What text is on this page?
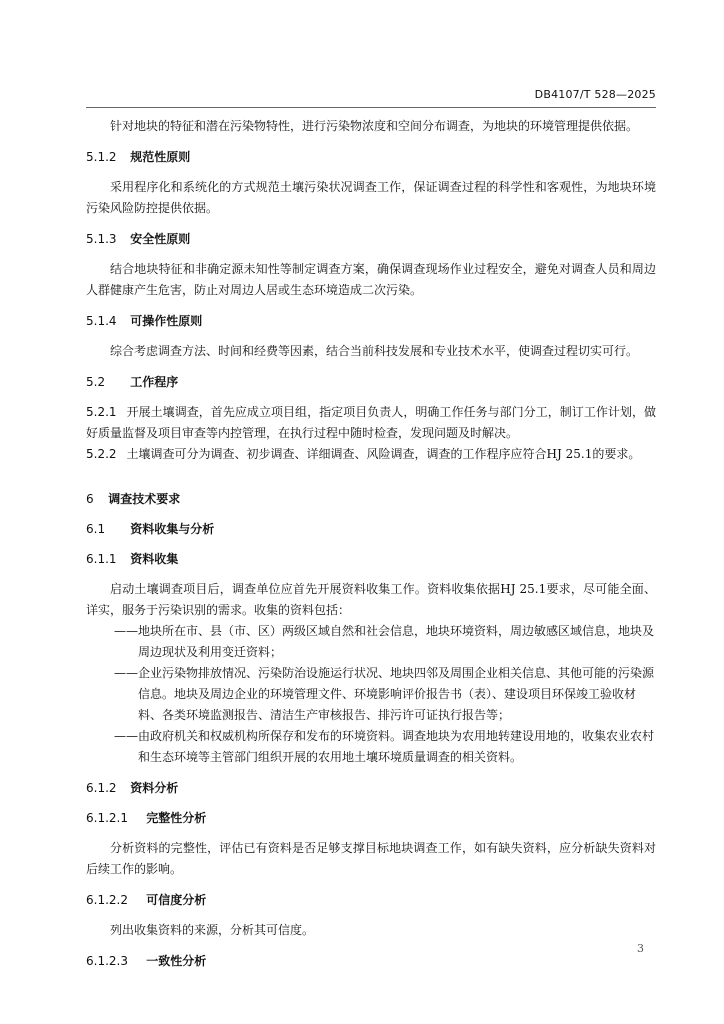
DB4107/T 528—2025

针对地块的特征和潜在污染物特性，进行污染物浓度和空间分布调查，为地块的环境管理提供依据。

5.1.2 规范性原则

采用程序化和系统化的方式规范土壤污染状况调查工作，保证调查过程的科学性和客观性，为地块环境污染风险防控提供依据。

5.1.3 安全性原则

结合地块特征和非确定源未知性等制定调查方案，确保调查现场作业过程安全，避免对调查人员和周边人群健康产生危害，防止对周边人居或生态环境造成二次污染。

5.1.4 可操作性原则

综合考虑调查方法、时间和经费等因素，结合当前科技发展和专业技术水平，使调查过程切实可行。

5.2 工作程序

5.2.1 开展土壤调查，首先应成立项目组，指定项目负责人，明确工作任务与部门分工，制订工作计划，做好质量监督及项目审查等内控管理，在执行过程中随时检查，发现问题及时解决。

5.2.2 土壤调查可分为调查、初步调查、详细调查、风险调查，调查的工作程序应符合HJ 25.1的要求。

6 调查技术要求
6.1 资料收集与分析
6.1.1 资料收集

启动土壤调查项目后，调查单位应首先开展资料收集工作。资料收集依据HJ 25.1要求，尽可能全面、详实，服务于污染识别的需求。收集的资料包括：

——地块所在市、县（市、区）两级区域自然和社会信息，地块环境资料，周边敏感区域信息，地块及周边现状及利用变迁资料；
——企业污染物排放情况、污染防治设施运行状况、地块四邻及周围企业相关信息、其他可能的污染源信息。地块及周边企业的环境管理文件、环境影响评价报告书（表）、建设项目环保竣工验收材料、各类环境监测报告、清洁生产审核报告、排污许可证执行报告等；
——由政府机关和权威机构所保存和发布的环境资料。调查地块为农用地转建设用地的，收集农业农村和生态环境等主管部门组织开展的农用地土壤环境质量调查的相关资料。
6.1.2 资料分析
6.1.2.1 完整性分析

分析资料的完整性，评估已有资料是否足够支撑目标地块调查工作，如有缺失资料，应分析缺失资料对后续工作的影响。

6.1.2.2 可信度分析

列出收集资料的来源，分析其可信度。

6.1.2.3 一致性分析
3
